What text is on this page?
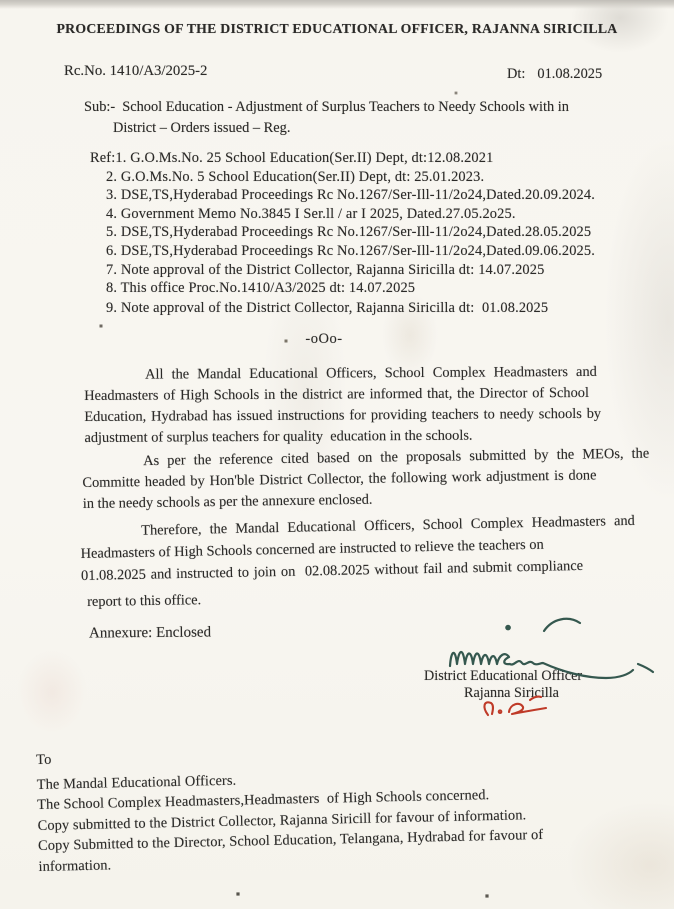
PROCEEDINGS OF THE DISTRICT EDUCATIONAL OFFICER, RAJANNA SIRICILLA
Rc.No. 1410/A3/2025-2	Dt: 01.08.2025
Sub:- School Education - Adjustment of Surplus Teachers to Needy Schools with in
District – Orders issued – Reg.
Ref:1. G.O.Ms.No. 25 School Education(Ser.II) Dept, dt:12.08.2021
2. G.O.Ms.No. 5 School Education(Ser.II) Dept, dt: 25.01.2023.
3. DSE,TS,Hyderabad Proceedings Rc No.1267/Ser-Ill-11/2o24,Dated.20.09.2024.
4. Government Memo No.3845 I Ser.ll / ar I 2025, Dated.27.05.2o25.
5. DSE,TS,Hyderabad Proceedings Rc No.1267/Ser-Ill-11/2o24,Dated.28.05.2025
6. DSE,TS,Hyderabad Proceedings Rc No.1267/Ser-Ill-11/2o24,Dated.09.06.2025.
7. Note approval of the District Collector, Rajanna Siricilla dt: 14.07.2025
8. This office Proc.No.1410/A3/2025 dt: 14.07.2025
9. Note approval of the District Collector, Rajanna Siricilla dt:  01.08.2025
-oOo-
All the Mandal Educational Officers, School Complex Headmasters and
Headmasters of High Schools in the district are informed that, the Director of School
Education, Hydrabad has issued instructions for providing teachers to needy schools by
adjustment of surplus teachers for quality  education in the schools.
As per the reference cited based on the proposals submitted by the MEOs, the
Committe headed by Hon'ble District Collector, the following work adjustment is done
in the needy schools as per the annexure enclosed.
Therefore, the Mandal Educational Officers, School Complex Headmasters and
Headmasters of High Schools concerned are instructed to relieve the teachers on
01.08.2025 and instructed to join on  02.08.2025 without fail and submit compliance
report to this office.
Annexure: Enclosed
District Educational Officer
Rajanna Siricilla
To
The Mandal Educational Officers.
The School Complex Headmasters,Headmasters  of High Schools concerned.
Copy submitted to the District Collector, Rajanna Siricill for favour of information.
Copy Submitted to the Director, School Education, Telangana, Hydrabad for favour of
information.
